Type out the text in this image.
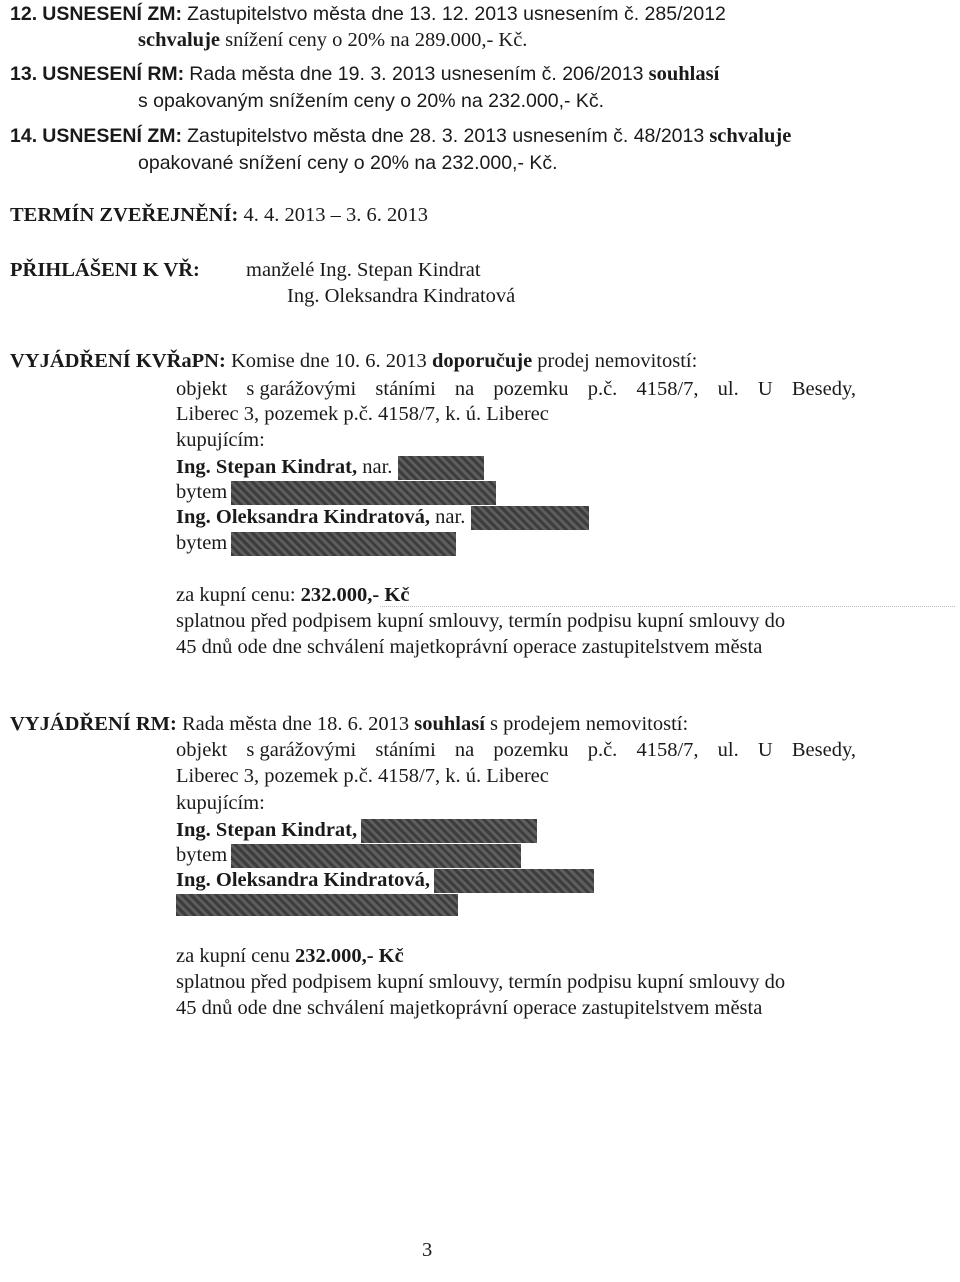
12. USNESENÍ ZM: Zastupitelstvo města dne 13. 12. 2013 usnesením č. 285/2012
schvaluje snížení ceny o 20% na 289.000,- Kč.
13. USNESENÍ RM: Rada města dne 19. 3. 2013 usnesením č. 206/2013 souhlasí
s opakovaným snížením ceny o 20% na 232.000,- Kč.
14. USNESENÍ ZM: Zastupitelstvo města dne 28. 3. 2013 usnesením č. 48/2013 schvaluje
opakované snížení ceny o 20% na 232.000,- Kč.
TERMÍN ZVEŘEJNĚNÍ: 4. 4. 2013 – 3. 6. 2013
PŘIHLÁŠENI K VŘ: manželé Ing. Stepan Kindrat
Ing. Oleksandra Kindratová
VYJÁDŘENÍ KVŘaPN: Komise dne 10. 6. 2013 doporučuje prodej nemovitostí:
objekt s garážovými stáními na pozemku p.č. 4158/7, ul. U Besedy,
Liberec 3, pozemek p.č. 4158/7, k. ú. Liberec
kupujícím:
Ing. Stepan Kindrat, nar.
bytem
Ing. Oleksandra Kindratová, nar.
bytem
za kupní cenu: 232.000,- Kč
splatnou před podpisem kupní smlouvy, termín podpisu kupní smlouvy do
45 dnů ode dne schválení majetkoprávní operace zastupitelstvem města
VYJÁDŘENÍ RM: Rada města dne 18. 6. 2013 souhlasí s prodejem nemovitostí:
objekt s garážovými stáními na pozemku p.č. 4158/7, ul. U Besedy,
Liberec 3, pozemek p.č. 4158/7, k. ú. Liberec
kupujícím:
Ing. Stepan Kindrat,
bytem
Ing. Oleksandra Kindratová,
za kupní cenu 232.000,- Kč
splatnou před podpisem kupní smlouvy, termín podpisu kupní smlouvy do
45 dnů ode dne schválení majetkoprávní operace zastupitelstvem města
3
